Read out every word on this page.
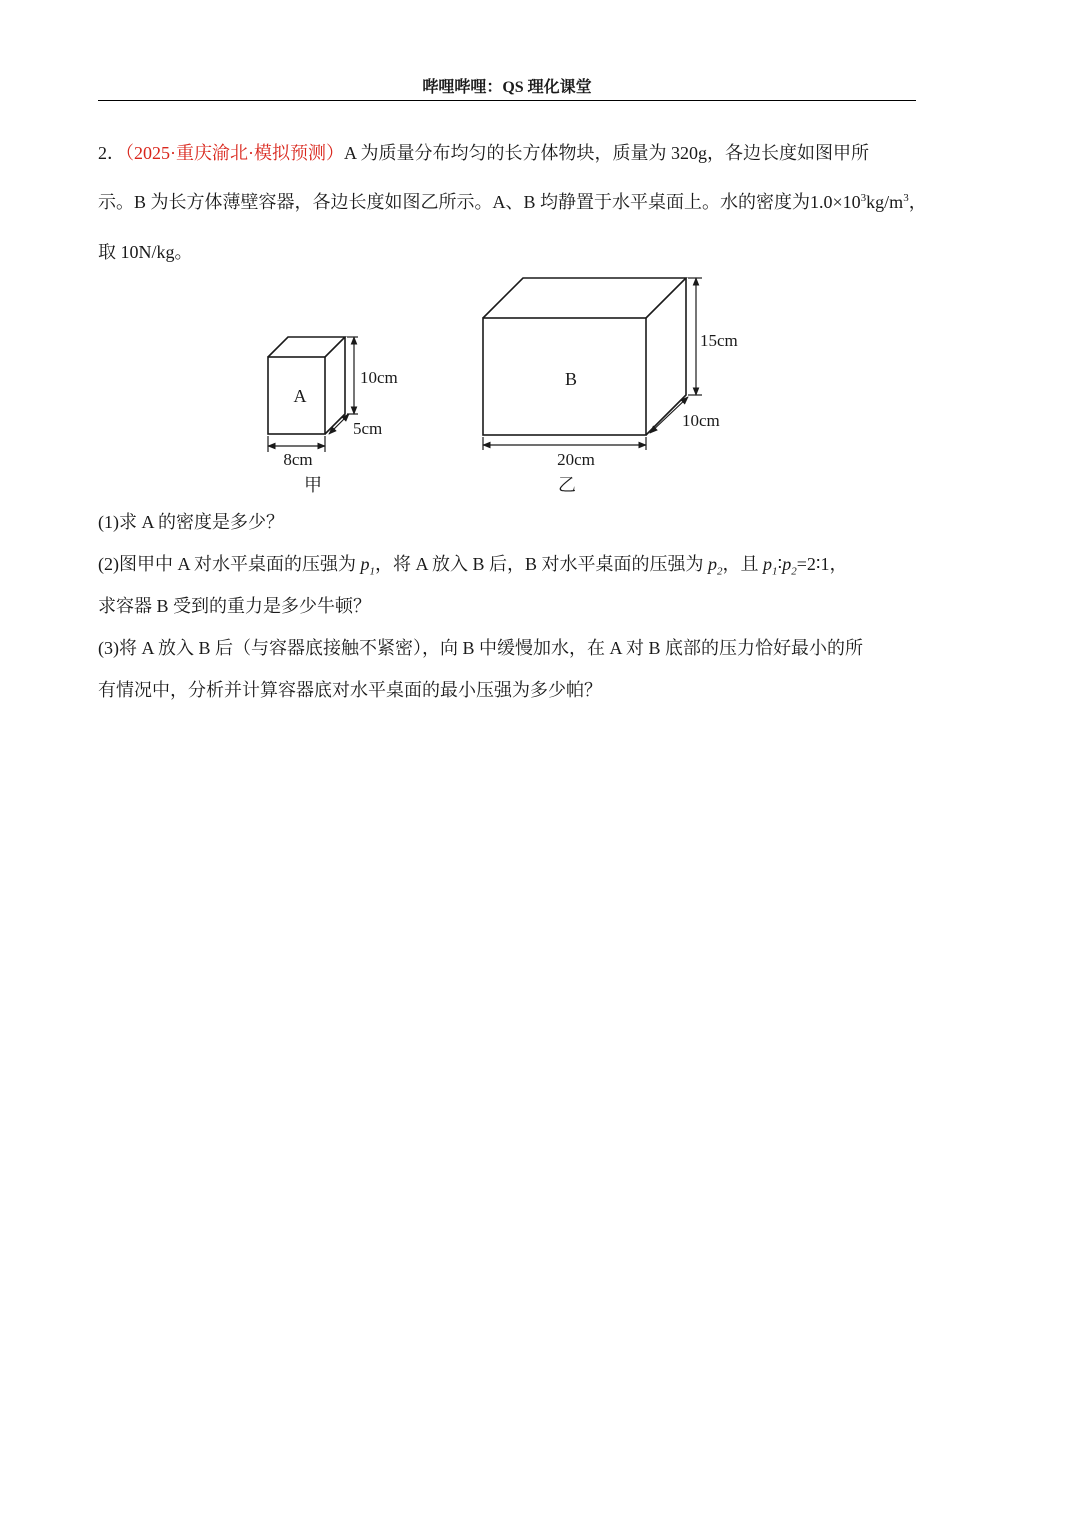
哔哩哔哩：QS 理化课堂
2．（2025·重庆渝北·模拟预测）A 为质量分布均匀的长方体物块，质量为 320g，各边长度如图甲所
示。B 为长方体薄壁容器，各边长度如图乙所示。A、B 均静置于水平桌面上。水的密度为$1.0\times 10^3kg/m^3$，
取 10N/kg。
A
10cm
5cm
8cm
甲
B
15cm
10cm
20cm
乙
(1)求 A 的密度是多少？
(2)图甲中 A 对水平桌面的压强为 $p_1$，将 A 放入 B 后，B 对水平桌面的压强为 $p_2$，且 $p_1∶p_2=2∶1$，
求容器 B 受到的重力是多少牛顿？
(3)将 A 放入 B 后（与容器底接触不紧密），向 B 中缓慢加水，在 A 对 B 底部的压力恰好最小的所
有情况中，分析并计算容器底对水平桌面的最小压强为多少帕？
